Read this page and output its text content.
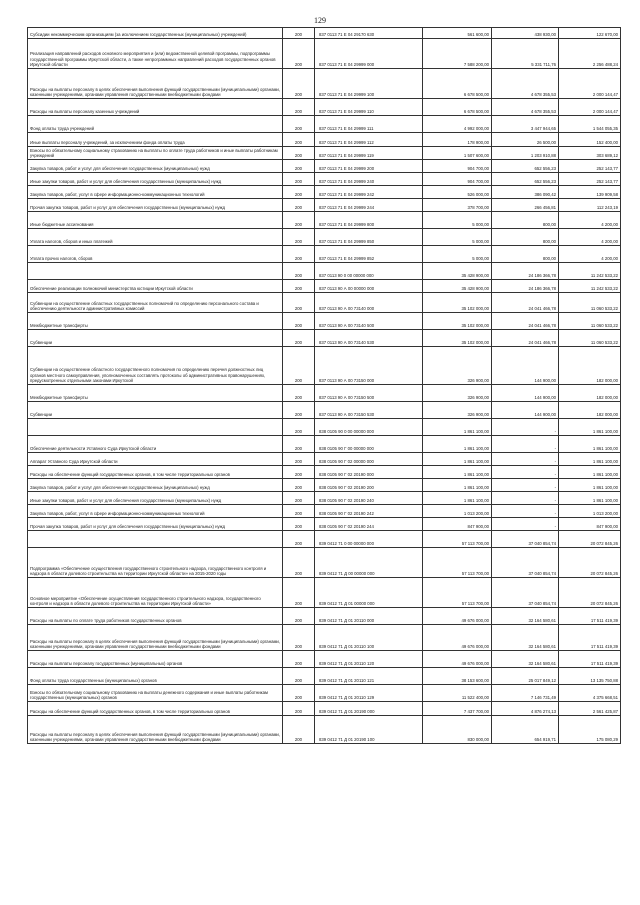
129
Субсидии некоммерческим организациям (за исключением государственных (муниципальных) учреждений)	200	837 0113 71 Е 04 29170 630	561 600,00	438 930,00	122 670,00
Реализация направлений расходов основного мероприятия и (или) ведомственной целевой программы, подпрограммы государственной программы Иркутской области, а также непрограммных направлений расходов государственных органов Иркутской области	200	837 0113 71 Е 04 29999 000	7 588 200,00	5 331 711,76	2 256 488,24
Расходы на выплаты персоналу в целях обеспечения выполнения функций государственными (муниципальными) органами, казенными учреждениями, органами управления государственными внебюджетными фондами	200	837 0113 71 Е 04 29999 100	6 678 500,00	4 678 355,53	2 000 144,47
Расходы на выплаты персоналу казенных учреждений	200	837 0113 71 Е 04 29999 110	6 678 500,00	4 678 355,53	2 000 144,47
Фонд оплаты труда учреждений	200	837 0113 71 Е 04 29999 111	4 992 000,00	3 447 944,65	1 544 055,35
Иные выплаты персоналу учреждений, за исключением фонда оплаты труда	200	837 0113 71 Е 04 29999 112	178 900,00	26 500,00	152 400,00
Взносы по обязательному социальному страхованию на выплаты по оплате труда работников и иные выплаты работникам учреждений	200	837 0113 71 Е 04 29999 119	1 507 600,00	1 203 910,88	303 689,12
Закупка товаров, работ и услуг для обеспечения государственных (муниципальных) нужд	200	837 0113 71 Е 04 29999 200	904 700,00	652 556,23	252 143,77
Иные закупки товаров, работ и услуг для обеспечения государственных (муниципальных) нужд	200	837 0113 71 Е 04 29999 240	904 700,00	652 556,23	252 143,77
Закупка товаров, работ, услуг в сфере информационно-коммуникационных технологий	200	837 0113 71 Е 04 29999 242	526 000,00	386 090,42	139 909,58
Прочая закупка товаров, работ и услуг для обеспечения государственных (муниципальных) нужд	200	837 0113 71 Е 04 29999 244	378 700,00	266 456,81	112 243,19
Иные бюджетные ассигнования	200	837 0113 71 Е 04 29999 800	5 000,00	800,00	4 200,00
Уплата налогов, сборов и иных платежей	200	837 0113 71 Е 04 29999 850	5 000,00	800,00	4 200,00
Уплата прочих налогов, сборов	200	837 0113 71 Е 04 29999 852	5 000,00	800,00	4 200,00
	200	837 0113 90 0 00 00000 000	35 428 900,00	24 186 366,78	11 242 533,22
Обеспечение реализации полномочий министерства юстиции Иркутской области	200	837 0113 90 А 00 00000 000	35 428 900,00	24 186 366,78	11 242 533,22
Субвенции на осуществление областных государственных полномочий по определению персонального состава и обеспечению деятельности административных комиссий	200	837 0113 90 А 00 73140 000	35 102 000,00	24 041 466,78	11 060 533,22
Межбюджетные трансферты	200	837 0113 90 А 00 73140 500	35 102 000,00	24 041 466,78	11 060 533,22
Субвенции	200	837 0113 90 А 00 73140 530	35 102 000,00	24 041 466,78	11 060 533,22
Субвенции на осуществление областного государственного полномочия по определению перечня должностных лиц органов местного самоуправления, уполномоченных составлять протоколы об административных правонарушениях, предусмотренных отдельными законами Иркутской	200	837 0113 90 А 00 73150 000	326 900,00	144 900,00	182 000,00
Межбюджетные трансферты	200	837 0113 90 А 00 73150 500	326 900,00	144 900,00	182 000,00
Субвенции	200	837 0113 90 А 00 73150 530	326 900,00	144 900,00	182 000,00
	200	838 0105 90 0 00 00000 000	1 861 100,00	-	1 861 100,00
Обеспечение деятельности Уставного Суда Иркутской области	200	838 0105 90 Г 00 00000 000	1 861 100,00	-	1 861 100,00
Аппарат Уставного Суда Иркутской области	200	838 0105 90 Г 02 00000 000	1 861 100,00	-	1 861 100,00
Расходы на обеспечение функций государственных органов, в том числе территориальных органов	200	838 0105 90 Г 02 20190 000	1 861 100,00	-	1 861 100,00
Закупка товаров, работ и услуг для обеспечения государственных (муниципальных) нужд	200	838 0105 90 Г 02 20190 200	1 861 100,00	-	1 861 100,00
Иные закупки товаров, работ и услуг для обеспечения государственных (муниципальных) нужд	200	838 0105 90 Г 02 20190 240	1 861 100,00	-	1 861 100,00
Закупка товаров, работ, услуг в сфере информационно-коммуникационных технологий	200	838 0105 90 Г 02 20190 242	1 013 200,00	-	1 013 200,00
Прочая закупка товаров, работ и услуг для обеспечения государственных (муниципальных) нужд	200	838 0105 90 Г 02 20190 244	847 900,00	-	847 900,00
	200	839 0412 71 0 00 00000 000	57 113 700,00	37 040 854,74	20 072 845,26
Подпрограмма «Обеспечение осуществления государственного строительного надзора, государственного контроля и надзора в области долевого строительства на территории Иркутской области» на 2015-2020 годы	200	839 0412 71 Д 00 00000 000	57 113 700,00	37 040 854,74	20 072 845,26
Основное мероприятие «Обеспечение осуществления государственного строительного надзора, государственного контроля и надзора в области долевого строительства на территории Иркутской области»	200	839 0412 71 Д 01 00000 000	57 113 700,00	37 040 854,74	20 072 845,26
Расходы на выплаты по оплате труда работников государственных органов	200	839 0412 71 Д 01 20110 000	49 676 000,00	32 164 580,61	17 511 419,39
Расходы на выплаты персоналу в целях обеспечения выполнения функций государственными (муниципальными) органами, казенными учреждениями, органами управления государственными внебюджетными фондами	200	839 0412 71 Д 01 20110 100	49 676 000,00	32 164 580,61	17 511 419,39
Расходы на выплаты персоналу государственных (муниципальных) органов	200	839 0412 71 Д 01 20110 120	49 676 000,00	32 164 580,61	17 511 419,39
Фонд оплаты труда государственных (муниципальных) органов	200	839 0412 71 Д 01 20110 121	38 153 600,00	25 017 849,12	13 135 750,88
Взносы по обязательному социальному страхованию на выплаты денежного содержания и иные выплаты работникам государственных (муниципальных) органов	200	839 0412 71 Д 01 20110 129	11 522 400,00	7 146 731,49	4 375 668,51
Расходы на обеспечение функций государственных органов, в том числе территориальных органов	200	839 0412 71 Д 01 20190 000	7 437 700,00	4 876 274,13	2 561 425,87
Расходы на выплаты персоналу в целях обеспечения выполнения функций государственными (муниципальными) органами, казенными учреждениями, органами управления государственными внебюджетными фондами	200	839 0412 71 Д 01 20190 100	830 000,00	654 919,71	175 080,29
